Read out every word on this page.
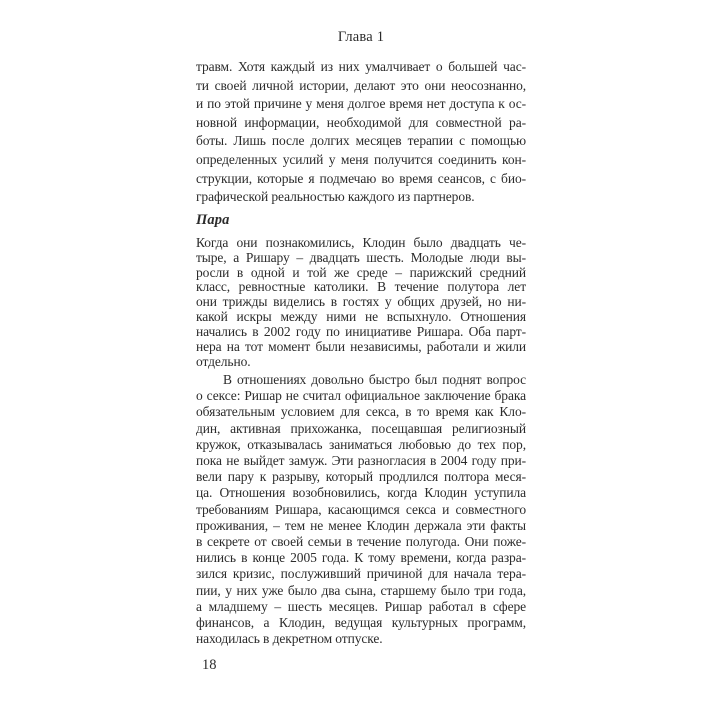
Глава 1
травм. Хотя каждый из них умалчивает о большей час-
ти своей личной истории, делают это они неосознанно,
и по этой причине у меня долгое время нет доступа к ос-
новной информации, необходимой для совместной ра-
боты. Лишь после долгих месяцев терапии с помощью
определенных усилий у меня получится соединить кон-
струкции, которые я подмечаю во время сеансов, с био-
графической реальностью каждого из партнеров.
Пара
Когда они познакомились, Клодин было двадцать че-
тыре, а Ришару – двадцать шесть. Молодые люди вы-
росли в одной и той же среде – парижский средний
класс, ревностные католики. В течение полутора лет
они трижды виделись в гостях у общих друзей, но ни-
какой искры между ними не вспыхнуло. Отношения
начались в 2002 году по инициативе Ришара. Оба парт-
нера на тот момент были независимы, работали и жили
отдельно.
В отношениях довольно быстро был поднят вопрос
о сексе: Ришар не считал официальное заключение брака
обязательным условием для секса, в то время как Кло-
дин, активная прихожанка, посещавшая религиозный
кружок, отказывалась заниматься любовью до тех пор,
пока не выйдет замуж. Эти разногласия в 2004 году при-
вели пару к разрыву, который продлился полтора меся-
ца. Отношения возобновились, когда Клодин уступила
требованиям Ришара, касающимся секса и совместного
проживания, – тем не менее Клодин держала эти факты
в секрете от своей семьи в течение полугода. Они поже-
нились в конце 2005 года. К тому времени, когда разра-
зился кризис, послуживший причиной для начала тера-
пии, у них уже было два сына, старшему было три года,
а младшему – шесть месяцев. Ришар работал в сфере
финансов, а Клодин, ведущая культурных программ,
находилась в декретном отпуске.
18
